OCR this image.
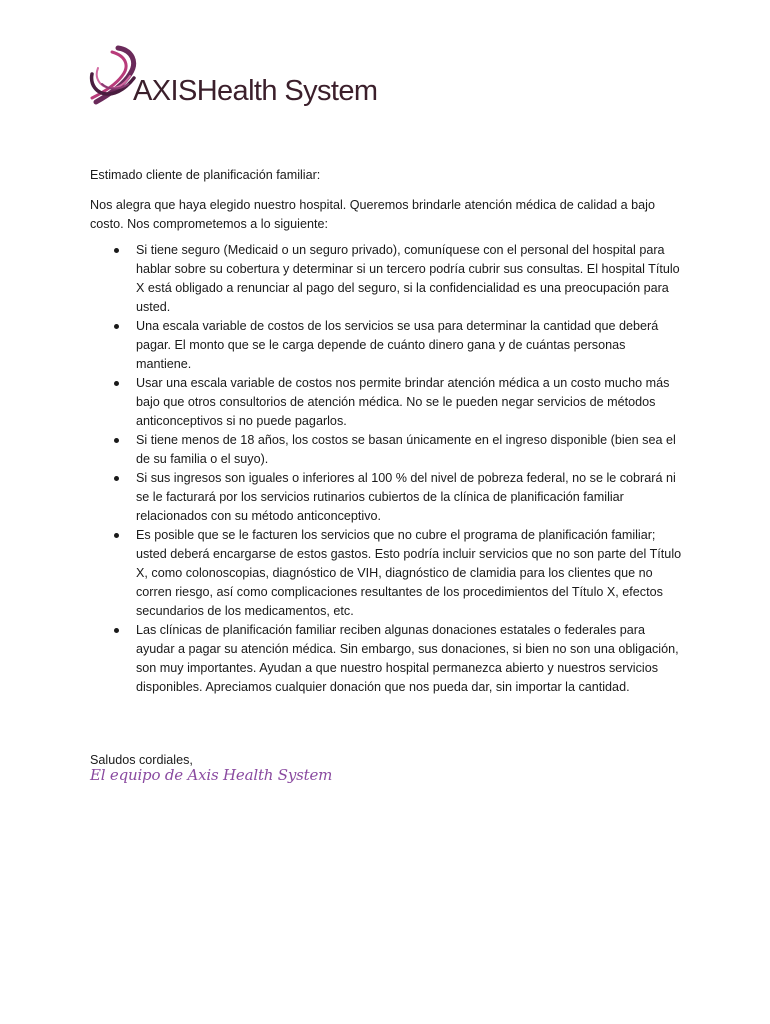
AXISHealth System

Estimado cliente de planificación familiar:

Nos alegra que haya elegido nuestro hospital. Queremos brindarle atención médica de calidad a bajo costo. Nos comprometemos a lo siguiente:

Si tiene seguro (Medicaid o un seguro privado), comuníquese con el personal del hospital para hablar sobre su cobertura y determinar si un tercero podría cubrir sus consultas. El hospital Título X está obligado a renunciar al pago del seguro, si la confidencialidad es una preocupación para usted.
Una escala variable de costos de los servicios se usa para determinar la cantidad que deberá pagar. El monto que se le carga depende de cuánto dinero gana y de cuántas personas mantiene.
Usar una escala variable de costos nos permite brindar atención médica a un costo mucho más bajo que otros consultorios de atención médica. No se le pueden negar servicios de métodos anticonceptivos si no puede pagarlos.
Si tiene menos de 18 años, los costos se basan únicamente en el ingreso disponible (bien sea el de su familia o el suyo).
Si sus ingresos son iguales o inferiores al 100 % del nivel de pobreza federal, no se le cobrará ni se le facturará por los servicios rutinarios cubiertos de la clínica de planificación familiar relacionados con su método anticonceptivo.
Es posible que se le facturen los servicios que no cubre el programa de planificación familiar; usted deberá encargarse de estos gastos. Esto podría incluir servicios que no son parte del Título X, como colonoscopias, diagnóstico de VIH, diagnóstico de clamidia para los clientes que no corren riesgo, así como complicaciones resultantes de los procedimientos del Título X, efectos secundarios de los medicamentos, etc.
Las clínicas de planificación familiar reciben algunas donaciones estatales o federales para ayudar a pagar su atención médica. Sin embargo, sus donaciones, si bien no son una obligación, son muy importantes. Ayudan a que nuestro hospital permanezca abierto y nuestros servicios disponibles. Apreciamos cualquier donación que nos pueda dar, sin importar la cantidad.

Saludos cordiales,

El equipo de Axis Health System
